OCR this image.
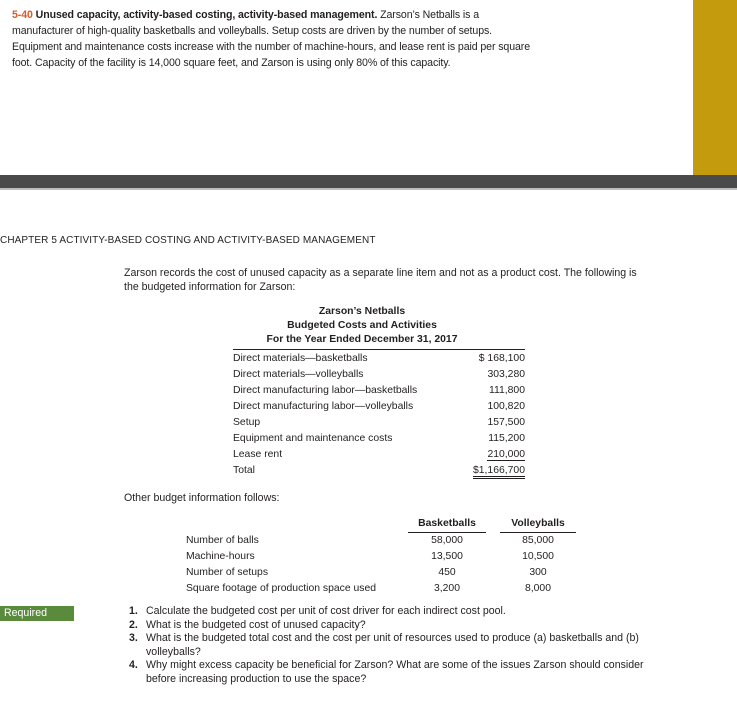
5-40 Unused capacity, activity-based costing, activity-based management. Zarson’s Netballs is a manufacturer of high-quality basketballs and volleyballs. Setup costs are driven by the number of setups. Equipment and maintenance costs increase with the number of machine-hours, and lease rent is paid per square foot. Capacity of the facility is 14,000 square feet, and Zarson is using only 80% of this capacity.

CHAPTER 5 ACTIVITY-BASED COSTING AND ACTIVITY-BASED MANAGEMENT

Zarson records the cost of unused capacity as a separate line item and not as a product cost. The following is the budgeted information for Zarson:

Zarson’s Netballs
Budgeted Costs and Activities
For the Year Ended December 31, 2017
Direct materials—basketballs	$ 168,100
Direct materials—volleyballs	303,280
Direct manufacturing labor—basketballs	111,800
Direct manufacturing labor—volleyballs	100,820
Setup	157,500
Equipment and maintenance costs	115,200
Lease rent	210,000
Total	$1,166,700
Other budget information follows:
	Basketballs		Volleyballs
Number of balls	58,000		85,000
Machine-hours	13,500		10,500
Number of setups	450		300
Square footage of production space used	3,200		8,000
Required	1. Calculate the budgeted cost per unit of cost driver for each indirect cost pool.
2. What is the budgeted cost of unused capacity?
3. What is the budgeted total cost and the cost per unit of resources used to produce (a) basketballs and (b) volleyballs?
4. Why might excess capacity be beneficial for Zarson? What are some of the issues Zarson should consider before increasing production to use the space?
